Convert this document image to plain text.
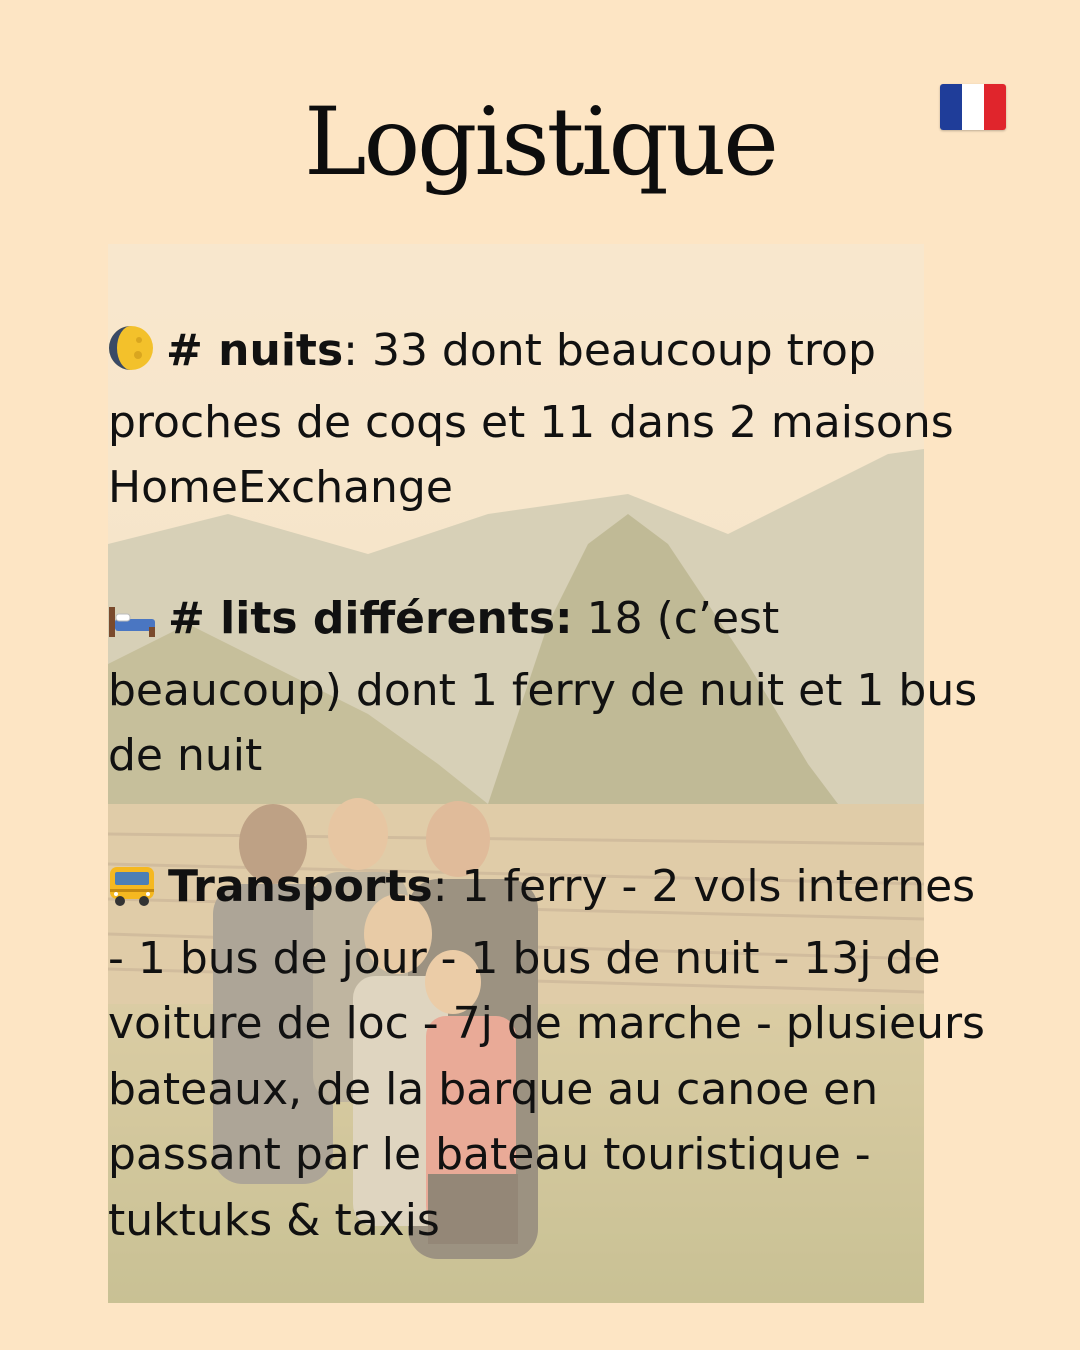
Logistique

# nuits: 33 dont beaucoup trop proches de coqs et 11 dans 2 maisons HomeExchange

# lits différents: 18 (c’est beaucoup) dont 1 ferry de nuit et 1 bus de nuit

Transports: 1 ferry - 2 vols internes - 1 bus de jour - 1 bus de nuit - 13j de voiture de loc - 7j de marche - plusieurs bateaux, de la barque au canoe en passant par le bateau touristique - tuktuks & taxis
